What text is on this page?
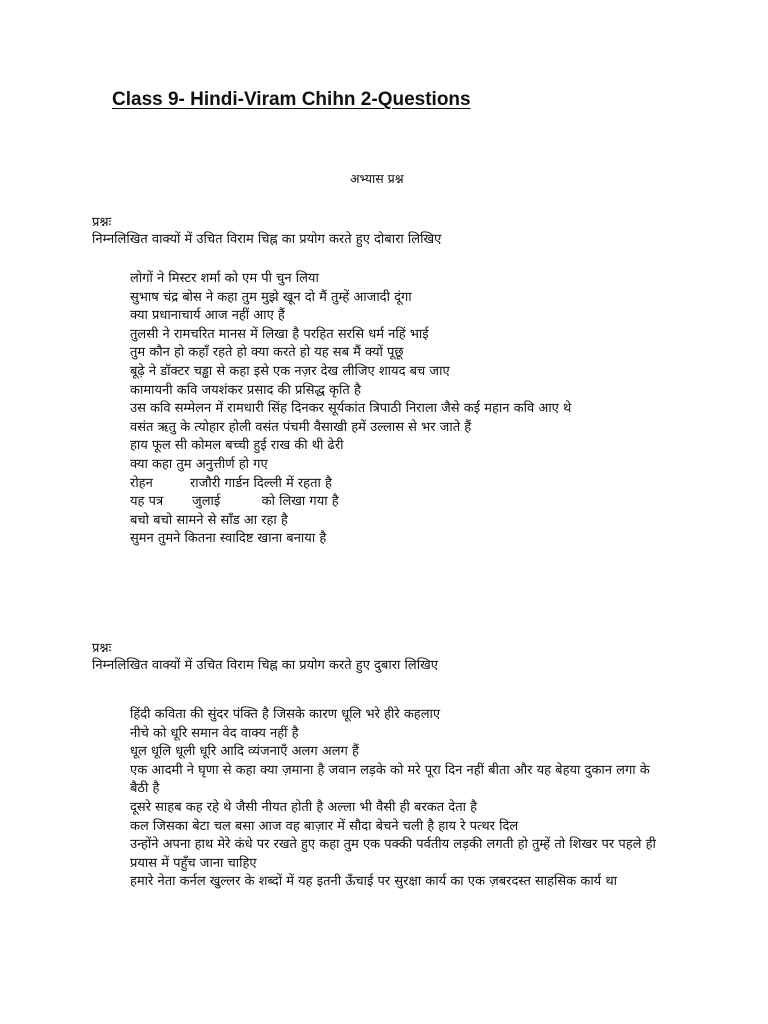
Class 9- Hindi-Viram Chihn 2-Questions
अभ्यास प्रश्न
प्रश्नः
निम्नलिखित वाक्यों में उचित विराम चिह्न का प्रयोग करते हुए दोबारा लिखिए
लोगों ने मिस्टर शर्मा को एम पी चुन लिया
सुभाष चंद्र बोस ने कहा तुम मुझे खून दो मैं तुम्हें आजादी दूंगा
क्या प्रधानाचार्य आज नहीं आए हैं
तुलसी ने रामचरित मानस में लिखा है परहित सरसि धर्म नहिं भाई
तुम कौन हो कहाँ रहते हो क्या करते हो यह सब मैं क्यों पूछू
बूढ़े ने डॉक्टर चड्ढा से कहा इसे एक नज़र देख लीजिए शायद बच जाए
कामायनी कवि जयशंकर प्रसाद की प्रसिद्ध कृति है
उस कवि सम्मेलन में रामधारी सिंह दिनकर सूर्यकांत त्रिपाठी निराला जैसे कई महान कवि आए थे
वसंत ऋतु के त्योहार होली वसंत पंचमी वैसाखी हमें उल्लास से भर जाते हैं
हाय फूल सी कोमल बच्ची हुई राख की थी ढेरी
क्या कहा तुम अनुत्तीर्ण हो गए
रोहन         राजौरी गार्डन दिल्ली में रहता है
यह पत्र       जुलाई          को लिखा गया है
बचो बचो सामने से साँड आ रहा है
सुमन तुमने कितना स्वादिष्ट खाना बनाया है
प्रश्नः
निम्नलिखित वाक्यों में उचित विराम चिह्न का प्रयोग करते हुए दुबारा लिखिए
हिंदी कविता की सुंदर पंक्ति है जिसके कारण धूलि भरे हीरे कहलाए
नीचे को धूरि समान वेद वाक्य नहीं है
धूल धूलि धूली धूरि आदि व्यंजनाएँ अलग अलग हैं
एक आदमी ने घृणा से कहा क्या ज़माना है जवान लड़के को मरे पूरा दिन नहीं बीता और यह बेहया दुकान लगा के बैठी है
दूसरे साहब कह रहे थे जैसी नीयत होती है अल्ला भी वैसी ही बरकत देता है
कल जिसका बेटा चल बसा आज वह बाज़ार में सौदा बेचने चली है हाय रे पत्थर दिल
उन्होंने अपना हाथ मेरे कंधे पर रखते हुए कहा तुम एक पक्की पर्वतीय लड़की लगती हो तुम्हें तो शिखर पर पहले ही प्रयास में पहुँच जाना चाहिए
हमारे नेता कर्नल खुल्लर के शब्दों में यह इतनी ऊँचाई पर सुरक्षा कार्य का एक ज़बरदस्त साहसिक कार्य था
